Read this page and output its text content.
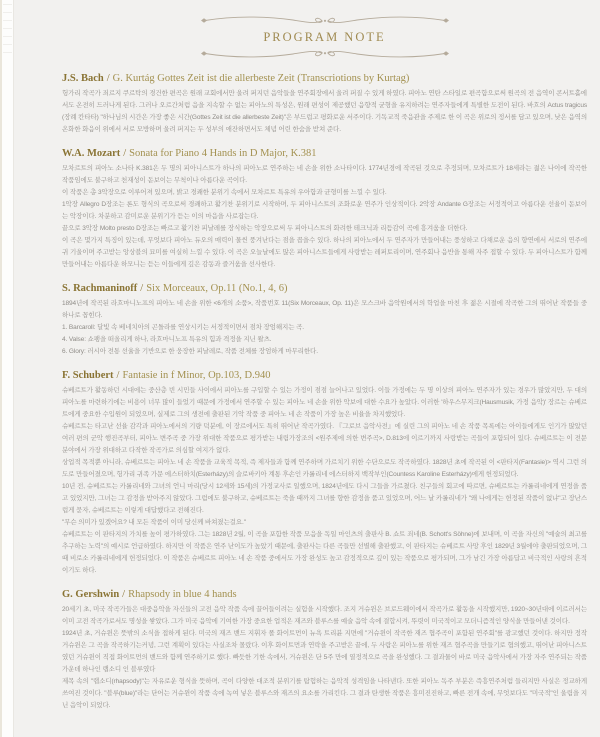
PROGRAM NOTE
J.S. Bach / G. Kurtág Gottes Zeit ist die allerbeste Zeit (Transcriotions by Kurtag)

헝가리 작곡가 죄르지 쿠르탁의 경건한 편곡은 원래 교회에서만 울려 퍼지던 음악들을 연주회장에서 울려 퍼질 수 있게 하였다. 피아노 연탄 스타일로 편곡함으로써 원곡의 전 음역이 콘서트홀에서도 온전히 드러나게 된다. 그러나 오르간처럼 음을 지속할 수 없는 피아노의 특성은, 원래 편성이 제공했던 음향적 균형을 유지하려는 연주자들에게 특별한 도전이 된다. 바흐의 Actus tragicus (장례 칸타타) "하나님의 시간은 가장 좋은 시간(Gottes Zeit ist die allerbeste Zeit)"은 부드럽고 평화로운 서주이다. 기독교적 죽음관을 주제로 한 이 곡은 위로의 정서를 담고 있으며, 낮은 음역의 온화한 화음이 위에서 서로 모방하며 울려 퍼지는 두 성부의 애잔하면서도 체념 어린 한숨을 받쳐 준다.

W.A. Mozart / Sonata for Piano 4 Hands in D Major, K.381

모차르트의 피아노 소나타 K.381은 두 명의 피아니스트가 하나의 피아노로 연주하는 네 손을 위한 소나타이다. 1774년경에 작곡된 것으로 추정되며, 모차르트가 18세라는 젊은 나이에 작곡한 작품임에도 불구하고 천재성이 돋보이는 무척이나 아름다운 곡이다.

이 작품은 총 3악장으로 이루어져 있으며, 밝고 경쾌한 분위기 속에서 모차르트 특유의 우아함과 균형미를 느낄 수 있다.

1악장 Allegro D장조는 론도 형식의 곡으로써 경쾌하고 활기찬 분위기로 시작하며, 두 피아니스트의 조화로운 연주가 인상적이다. 2악장 Andante G장조는 서정적이고 아름다운 선율이 돋보이는 악장이다. 차분하고 감미로운 분위기가 듣는 이의 마음을 사로잡는다.

끝으로 3악장 Molto presto D장조는 빠르고 활기찬 피날레를 장식하는 악장으로써 두 피아니스트의 화려한 테크닉과 리듬감이 곡에 흥겨움을 더한다.

이 곡은 몇가지 특징이 있는데, 무엇보다 피아노 듀오의 매력이 물씬 풍겨난다는 점을 꼽을수 있다. 하나의 피아노에서 두 연주자가 만들어내는 풍성하고 다채로운 음의 향연에서 서로의 연주에 귀 기울이며 주고받는 앙상블의 묘미를 여실히 느낄 수 있다. 이 곡은 오늘날에도 많은 피아니스트들에게 사랑받는 레퍼토리이며, 연주회나 음반을 통해 자주 접할 수 있다. 두 피아니스트가 함께 만들어내는 아름다운 하모니는 듣는 이들에게 깊은 감동과 즐거움을 선사한다.

S. Rachmaninoff / Six Morceaux, Op.11 (No.1, 4, 6)

1894년에 작곡된 라흐마니노프의 피아노 네 손을 위한 <6개의 소품>, 작품번호 11(Six Morceaux, Op. 11)은 모스크바 음악원에서의 학업을 마친 후 젊은 시절에 작곡한 그의 뛰어난 작품들 중 하나로 꼽힌다.

1. Barcaroll: 달빛 속 베네치아의 곤돌라를 연상시키는 서정적이면서 점차 장엄해지는 곡.

4. Valse: 쇼팽을 떠올리게 하나, 라흐마니노프 특유의 힘과 격정을 지닌 왈츠.

6. Glory: 러시아 전통 선율을 기반으로 한 웅장한 피날레로, 작품 전체를 장엄하게 마무리한다.

F. Schubert / Fantasie in f Minor, Op.103, D.940

슈베르트가 활동하던 시대에는 중산층 빈 시민들 사이에서 피아노를 구입할 수 있는 가정이 점점 늘어나고 있었다. 이들 가정에는 두 명 이상의 피아노 연주자가 있는 경우가 많았지만, 두 대의 피아노를 마련하기에는 비용이 너무 많이 들었기 때문에 가정에서 연주할 수 있는 피아노 네 손을 위한 악보에 대한 수요가 높았다. 이러한 '하우스무지크(Hausmusik, 가정 음악)' 장르는 슈베르트에게 중요한 수입원이 되었으며, 실제로 그의 생전에 출판된 기악 작품 중 피아노 네 손 작품이 가장 높은 비율을 차지했었다.

슈베르트는 타고난 선율 감각과 피아노에서의 기량 덕분에, 이 장르에서도 특히 뛰어난 작곡가였다. 『그로브 음악사전』에 실린 그의 피아노 네 손 작품 목록에는 아이들에게도 인기가 많았던 여러 편의 군악 행진곡부터, 피아노 변주곡 중 가장 위대한 작품으로 평가받는 내림가장조의 <원주제에 의한 변주곡>, D.813에 이르기까지 사랑받는 곡들이 포함되어 있다. 슈베르트는 이 전문 분야에서 가장 위대하고 다작한 작곡가로 의심할 여지가 없다.

상업적 목적뿐 아니라, 슈베르트는 피아노 네 손 작품을 교육적 목적, 즉 제자들과 함께 연주하며 가르치기 위한 수단으로도 작곡하였다. 1828년 초에 작곡된 이 <판타지(Fantasie)> 역시 그런 의도로 만들어졌으며, 헝가리 귀족 가문 에스터하치(Esterházy)의 슬로바키아 계통 후손인 카롤리네 에스터하지 백작부인(Countess Karoline Esterházy)에게 헌정되었다.

10년 전, 슈베르트는 카롤리네와 그녀의 언니 마리(당시 12세와 15세)의 가정교사로 일했으며, 1824년에도 다시 그들을 가르쳤다. 친구들의 회고에 따르면, 슈베르트는 카롤리네에게 연정을 품고 있었지만, 그녀는 그 감정을 받아주지 않았다. 그럼에도 불구하고, 슈베르트는 죽을 때까지 그녀를 향한 감정을 품고 있었으며, 어느 날 카롤리네가 "왜 나에게는 헌정된 작품이 없냐"고 장난스럽게 묻자, 슈베르트는 이렇게 대답했다고 전해진다.

"무슨 의미가 있겠어요? 내 모든 작품이 이미 당신께 바쳐졌는걸요."

슈베르트는 이 판타지의 가치를 높이 평가하였다. 그는 1828년 2월, 이 곡을 포함한 작품 모음을 독일 마인츠의 출판사 B. 쇼트 죄네(B. Schott's Söhne)에 보내며, 이 곡을 자신의 "예술의 최고를 추구하는 노력"의 예시로 언급하였다. 하지만 이 작품은 연주 난이도가 높았기 때문에, 출판사는 다른 곡들만 선별해 출판했고, 이 판타지는 슈베르트 사망 후인 1829년 3월에야 출판되었으며, 그때 비로소 카롤리네에게 헌정되었다. 이 작품은 슈베르트 피아노 네 손 작품 중에서도 가장 완성도 높고 감정적으로 깊이 있는 작품으로 평가되며, 그가 남긴 가장 아름답고 비극적인 사랑의 흔적이기도 하다.

G. Gershwin / Rhapsody in blue 4 hands

20세기 초, 미국 작곡가들은 대중음악을 자신들의 고전 음악 작품 속에 끌어들이려는 실험을 시작했다. 조지 거슈윈은 브로드웨이에서 작곡가로 활동을 시작했지만, 1920~30년대에 이르러서는 이미 고전 작곡가로서도 명성을 쌓았다. 그가 미국 음악에 기여한 가장 중요한 업적은 재즈와 블루스를 예술 음악 속에 결합시켜, 뚜렷이 미국적이고 모더니즘적인 양식을 만들어낸 것이다.

1924년 초, 거슈윈은 뜻밖의 소식을 접하게 된다. 미국의 재즈 밴드 지휘자 폴 화이트먼이 뉴욕 트리뷴 지면에 "거슈윈이 작곡한 재즈 협주곡이 포함된 연주회"를 광고했던 것이다. 하지만 정작 거슈윈은 그 곡을 작곡하기는커녕, 그런 계획이 있다는 사실조차 몰랐다. 이후 화이트먼과 연락을 주고받은 끝에, 두 사람은 피아노를 위한 재즈 협주곡을 만들기로 협의했고, 뛰어난 피아니스트였던 거슈윈이 직접 화이트먼의 밴드와 함께 연주하기로 했다. 빠듯한 기한 속에서, 거슈윈은 단 5주 만에 열정적으로 곡을 완성했다. 그 결과물이 바로 미국 음악사에서 가장 자주 연주되는 작품 가운데 하나인 랩소디 인 블루였다

제목 속의 "랩소디(rhapsody)"는 자유로운 형식을 뜻하며, 곡이 다양한 대조적 분위기를 탐험하는 음악적 성격임을 나타낸다. 또한 피아노 독주 부분은 즉흥연주처럼 들리지만 사실은 정교하게 쓰여진 것이다. "블루(blue)"라는 단어는 거슈윈이 작품 속에 녹여 넣은 블루스와 재즈의 요소를 가리킨다. 그 결과 탄생한 작품은 흥미진진하고, 빠른 전개 속에, 무엇보다도 "미국적"인 울림을 지닌 음악이 되었다.
